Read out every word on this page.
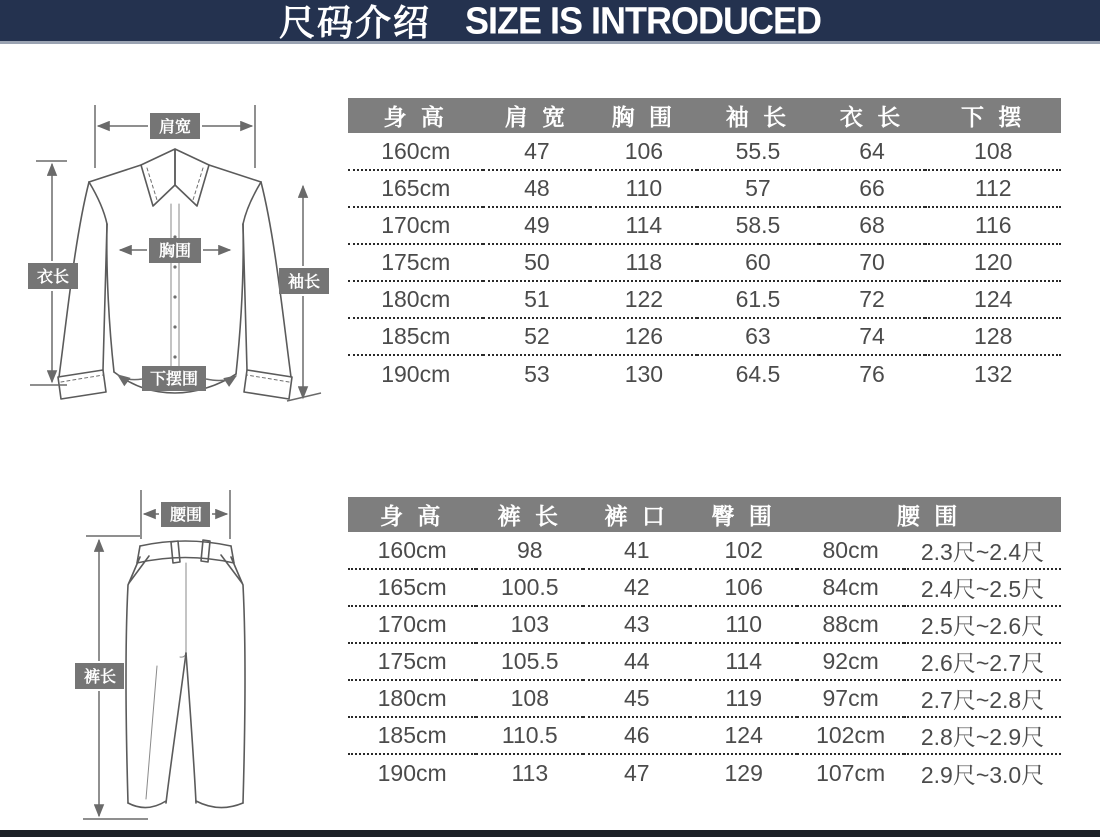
尺码介绍 SIZE IS INTRODUCED
肩宽
胸围
衣长	袖长
下摆围
腰围
裤长
身 高	肩 宽	胸 围	袖 长	衣 长	下 摆
160cm	47	106	55.5	64	108
165cm	48	110	57	66	112
170cm	49	114	58.5	68	116
175cm	50	118	60	70	120
180cm	51	122	61.5	72	124
185cm	52	126	63	74	128
190cm	53	130	64.5	76	132
身 高	裤 长	裤 口	臀 围	腰 围	
160cm	98	41	102	80cm	2.3尺~2.4尺
165cm	100.5	42	106	84cm	2.4尺~2.5尺
170cm	103	43	110	88cm	2.5尺~2.6尺
175cm	105.5	44	114	92cm	2.6尺~2.7尺
180cm	108	45	119	97cm	2.7尺~2.8尺
185cm	110.5	46	124	102cm	2.8尺~2.9尺
190cm	113	47	129	107cm	2.9尺~3.0尺
